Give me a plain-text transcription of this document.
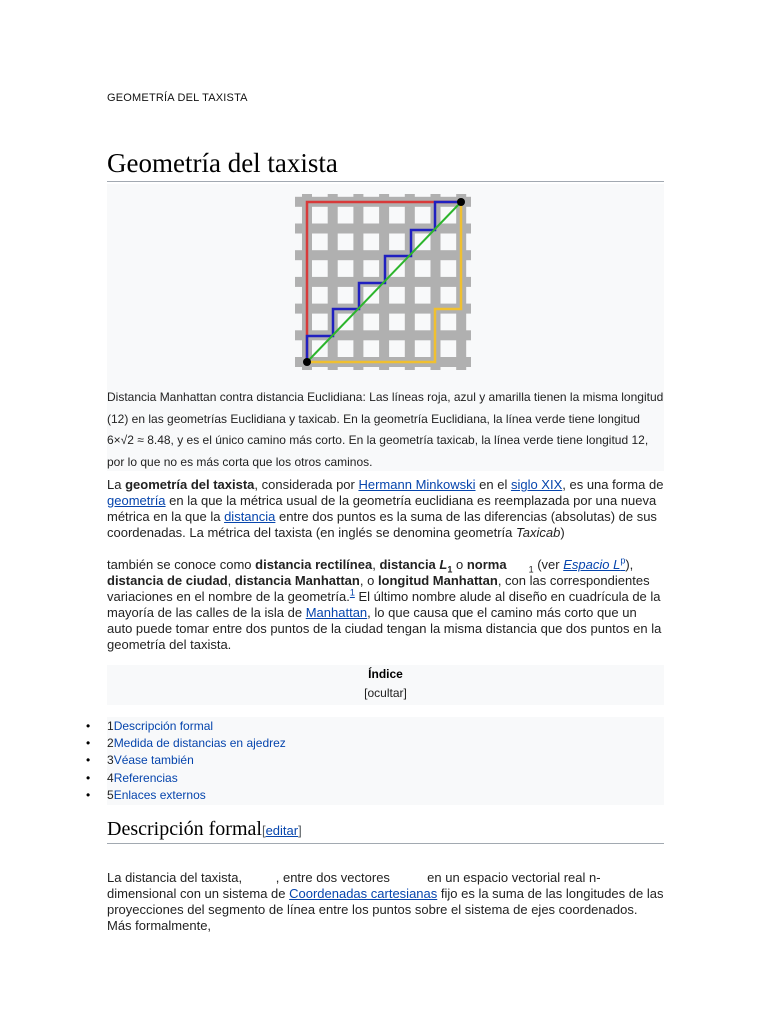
GEOMETRÍA DEL TAXISTA
Geometría del taxista
Distancia Manhattan contra distancia Euclidiana: Las líneas roja, azul y amarilla tienen la misma longitud
(12) en las geometrías Euclidiana y taxicab. En la geometría Euclidiana, la línea verde tiene longitud
6×√2 ≈ 8.48, y es el único camino más corto. En la geometría taxicab, la línea verde tiene longitud 12,
por lo que no es más corta que los otros caminos.
La geometría del taxista, considerada por Hermann Minkowski en el siglo XIX, es una forma de geometría en la que la métrica usual de la geometría euclidiana es reemplazada por una nueva métrica en la que la distancia entre dos puntos es la suma de las diferencias (absolutas) de sus coordenadas. La métrica del taxista (en inglés se denomina geometría Taxicab)
también se conoce como distancia rectilínea, distancia $L_1$ o norma $_1$ (ver Espacio $L^p$), distancia de ciudad, distancia Manhattan, o longitud Manhattan, con las correspondientes variaciones en el nombre de la geometría.$^1$ El último nombre alude al diseño en cuadrícula de la mayoría de las calles de la isla de Manhattan, lo que causa que el camino más corto que un auto puede tomar entre dos puntos de la ciudad tengan la misma distancia que dos puntos en la geometría del taxista.
Índice
[ocultar]
• 1Descripción formal
• 2Medida de distancias en ajedrez
• 3Véase también
• 4Referencias
• 5Enlaces externos
Descripción formal[editar]
La distancia del taxista, , entre dos vectores  en un espacio vectorial real n-dimensional con un sistema de Coordenadas cartesianas fijo es la suma de las longitudes de las proyecciones del segmento de línea entre los puntos sobre el sistema de ejes coordenados. Más formalmente,
